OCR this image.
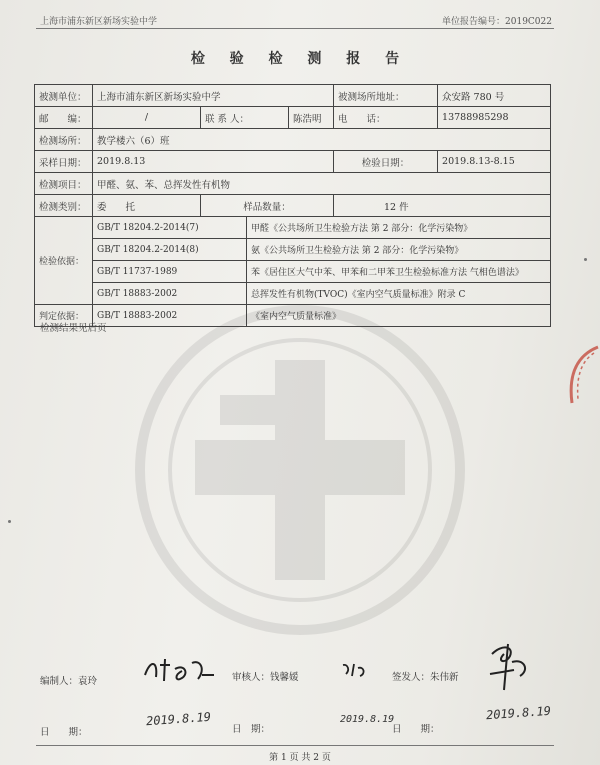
上海市浦东新区新场实验中学	单位报告编号：2019C022
检 验 检 测 报 告
被测单位：	上海市浦东新区新场实验中学				被测场所地址：	众安路 780 号
邮　　编：	/	联 系 人：		陈浩明	电　　话：	13788985298
检测场所：	教学楼六（6）班					
采样日期：	2019.8.13				检验日期：	2019.8.13-8.15
检测项目：	甲醛、氨、苯、总挥发性有机物					
检测类别：	委　　托	样品数量：			12 件	
检验依据：	GB/T 18204.2-2014(7)		甲醛《公共场所卫生检验方法 第 2 部分：化学污染物》			
	GB/T 18204.2-2014(8)		氨《公共场所卫生检验方法 第 2 部分：化学污染物》			
	GB/T 11737-1989		苯《居住区大气中苯、甲苯和二甲苯卫生检验标准方法 气相色谱法》			
	GB/T 18883-2002		总挥发性有机物(TVOC)《室内空气质量标准》附录 C			
判定依据：	GB/T 18883-2002		《室内空气质量标准》			
检测结果见后页
编制人：袁玲	审核人：钱馨媛	签发人：朱伟新
日　　期：	日　期：	日　　期：
2019.8.19	2019.8.19	2019.8.19
第 1 页 共 2 页
